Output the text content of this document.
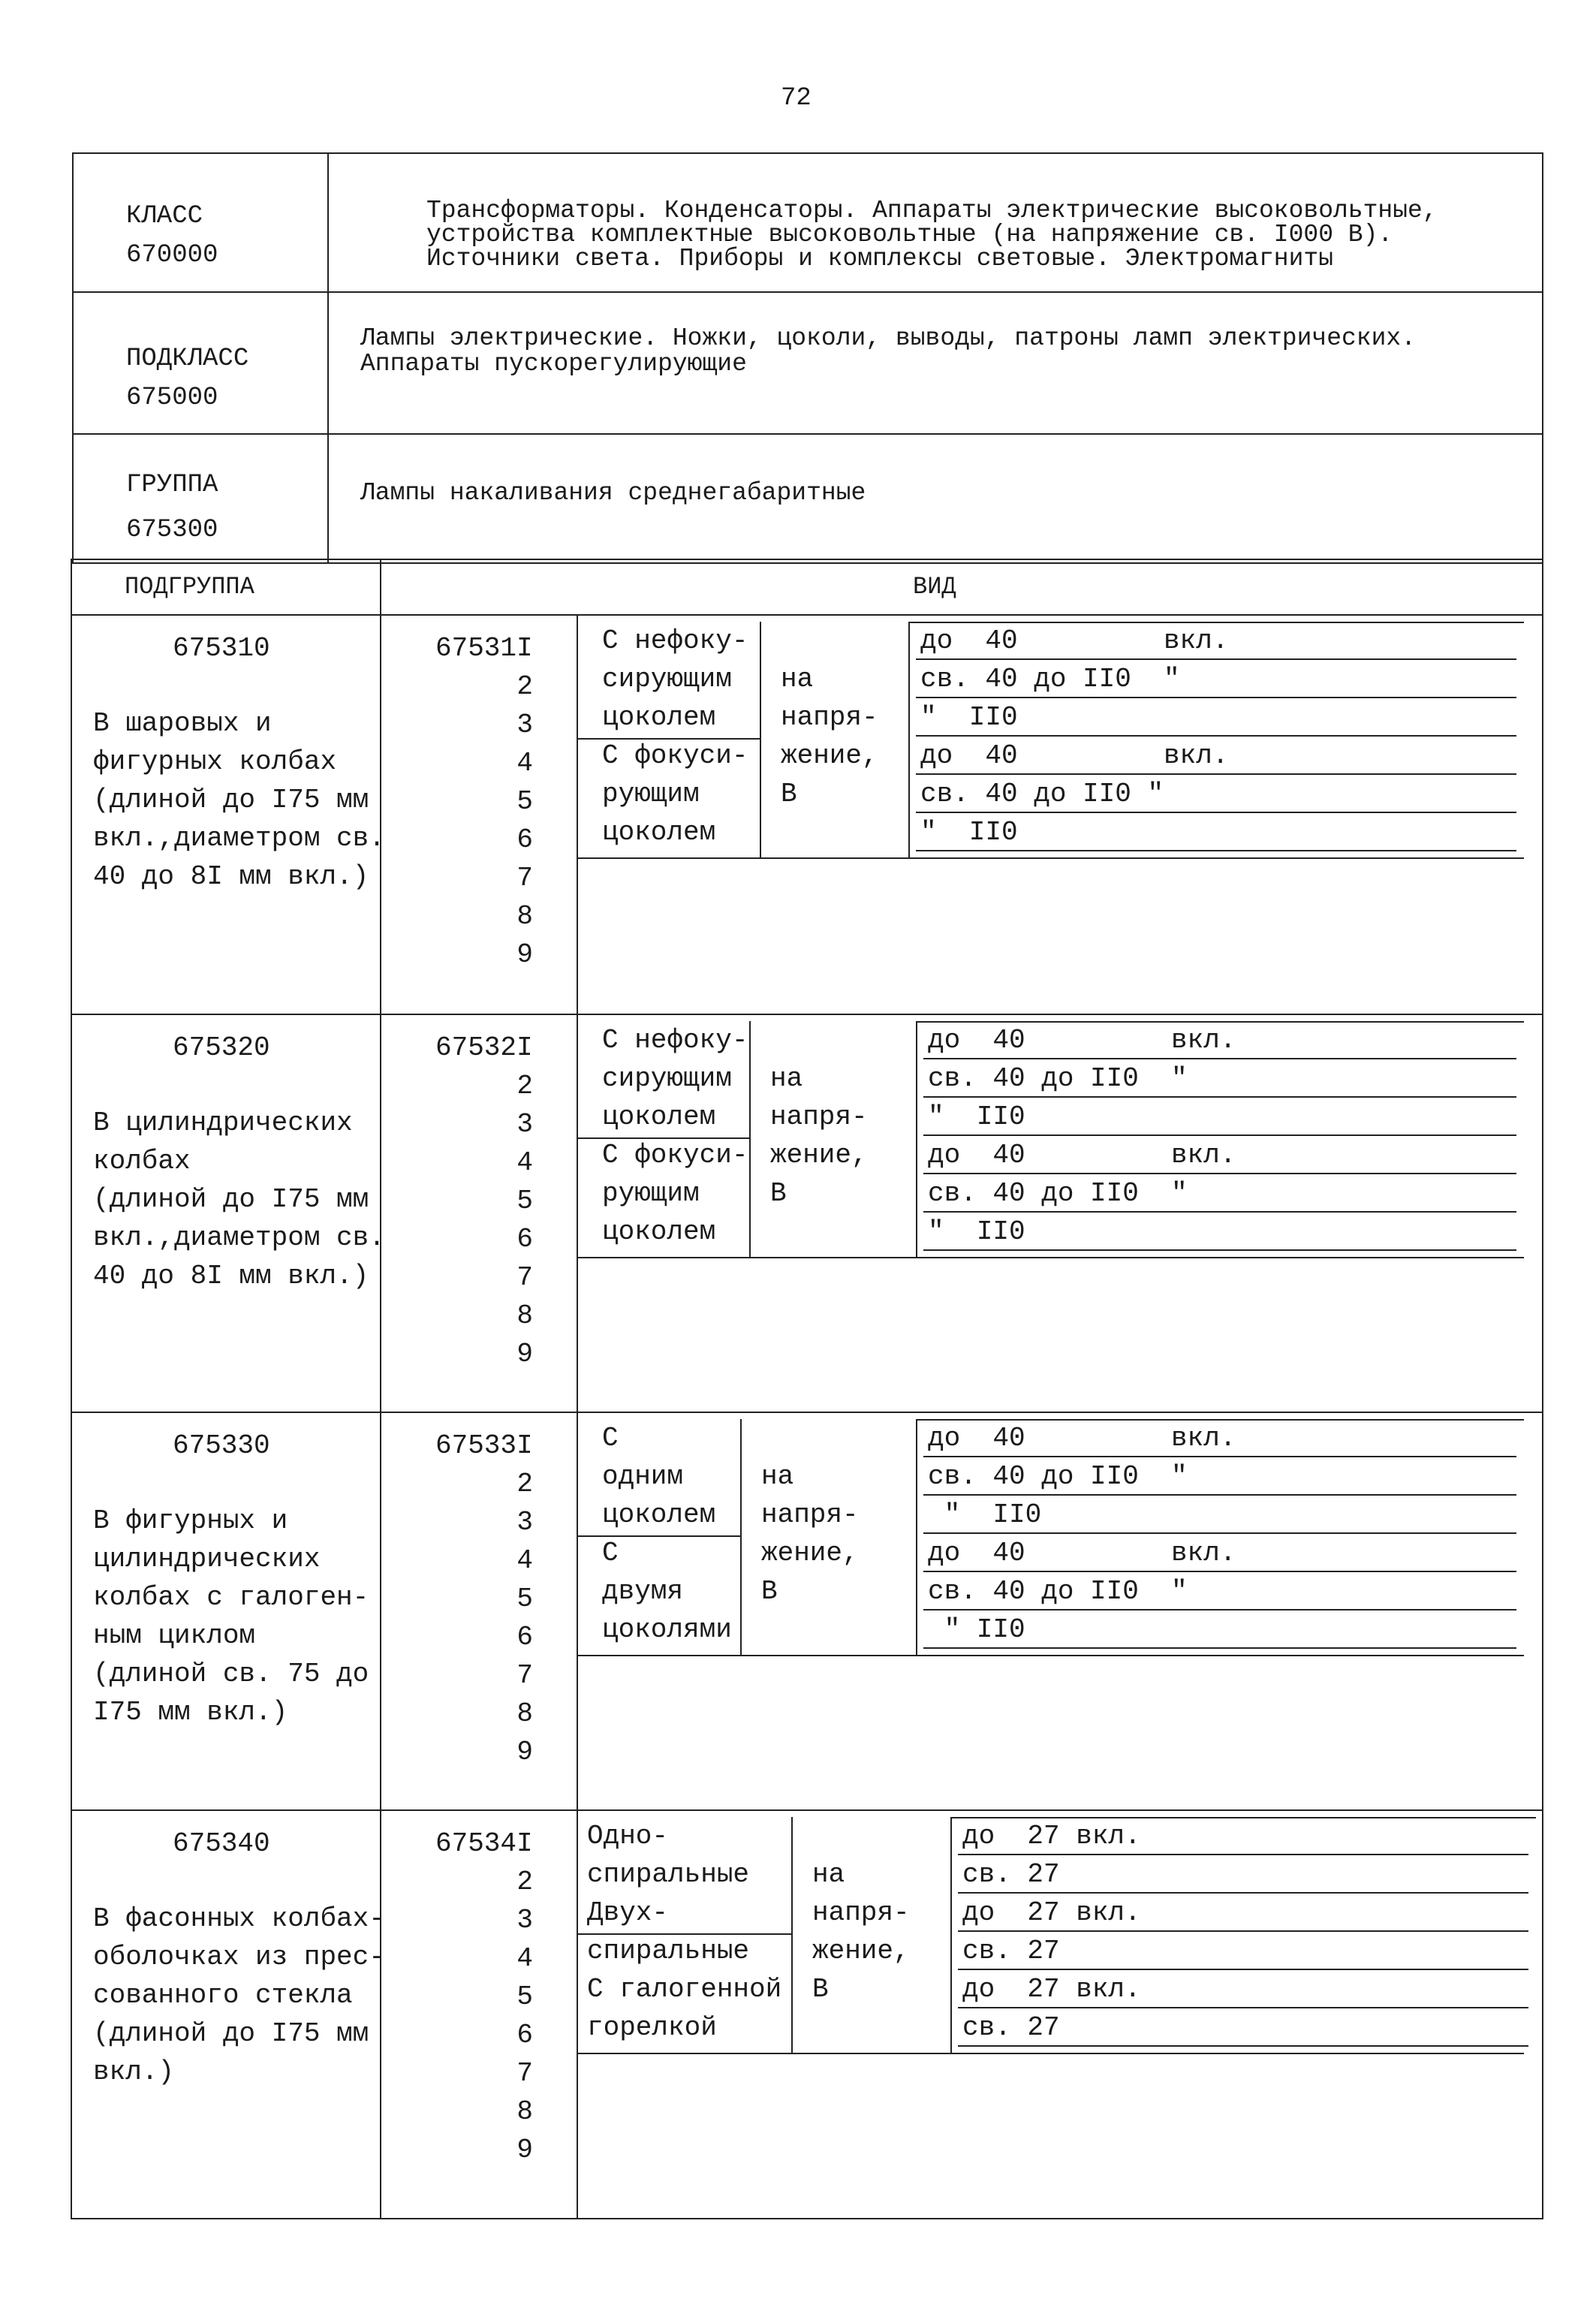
72
КЛАСС
670000
Трансформаторы. Конденсаторы. Аппараты электрические высоковольтные,
устройства комплектные высоковольтные (на напряжение св. I000 В).
Источники света. Приборы и комплексы световые. Электромагниты
ПОДКЛАСС
675000
Лампы электрические. Ножки, цоколи, выводы, патроны ламп электрических.
Аппараты пускорегулирующие
ГРУППА
675300
Лампы накаливания среднегабаритные
ПОДГРУППА	ВИД
675310
В шаровых и
фигурных колбах
(длиной до I75 мм
вкл.,диаметром св.
40 до 8I мм вкл.)
67531I
2
3
4
5
6
7
8
9
С нефоку-
сирующим
цоколем
С фокуси-
рующим
цоколем
на
напря-
жение,
В
до  40         вкл.
св. 40 до II0  "
"  II0
до  40         вкл.
св. 40 до II0 "
"  II0
675320
В цилиндрических
колбах
(длиной до I75 мм
вкл.,диаметром св.
40 до 8I мм вкл.)
67532I
2
3
4
5
6
7
8
9
С нефоку-
сирующим
цоколем
С фокуси-
рующим
цоколем
на
напря-
жение,
В
до  40         вкл.
св. 40 до II0  "
"  II0
до  40         вкл.
св. 40 до II0  "
"  II0
675330
В фигурных и
цилиндрических
колбах с галоген-
ным циклом
(длиной св. 75 до
I75 мм вкл.)
67533I
2
3
4
5
6
7
8
9
С
одним
цоколем
С
двумя
цоколями
на
напря-
жение,
В
до  40         вкл.
св. 40 до II0  "
"  II0
до  40         вкл.
св. 40 до II0  "
" II0
675340
В фасонных колбах-
оболочках из прес-
сованного стекла
(длиной до I75 мм
вкл.)
67534I
2
3
4
5
6
7
8
9
Одно-
спиральные
Двух-
спиральные
С галогенной
горелкой
на
напря-
жение,
В
до  27 вкл.
св. 27
до  27 вкл.
св. 27
до  27 вкл.
св. 27
